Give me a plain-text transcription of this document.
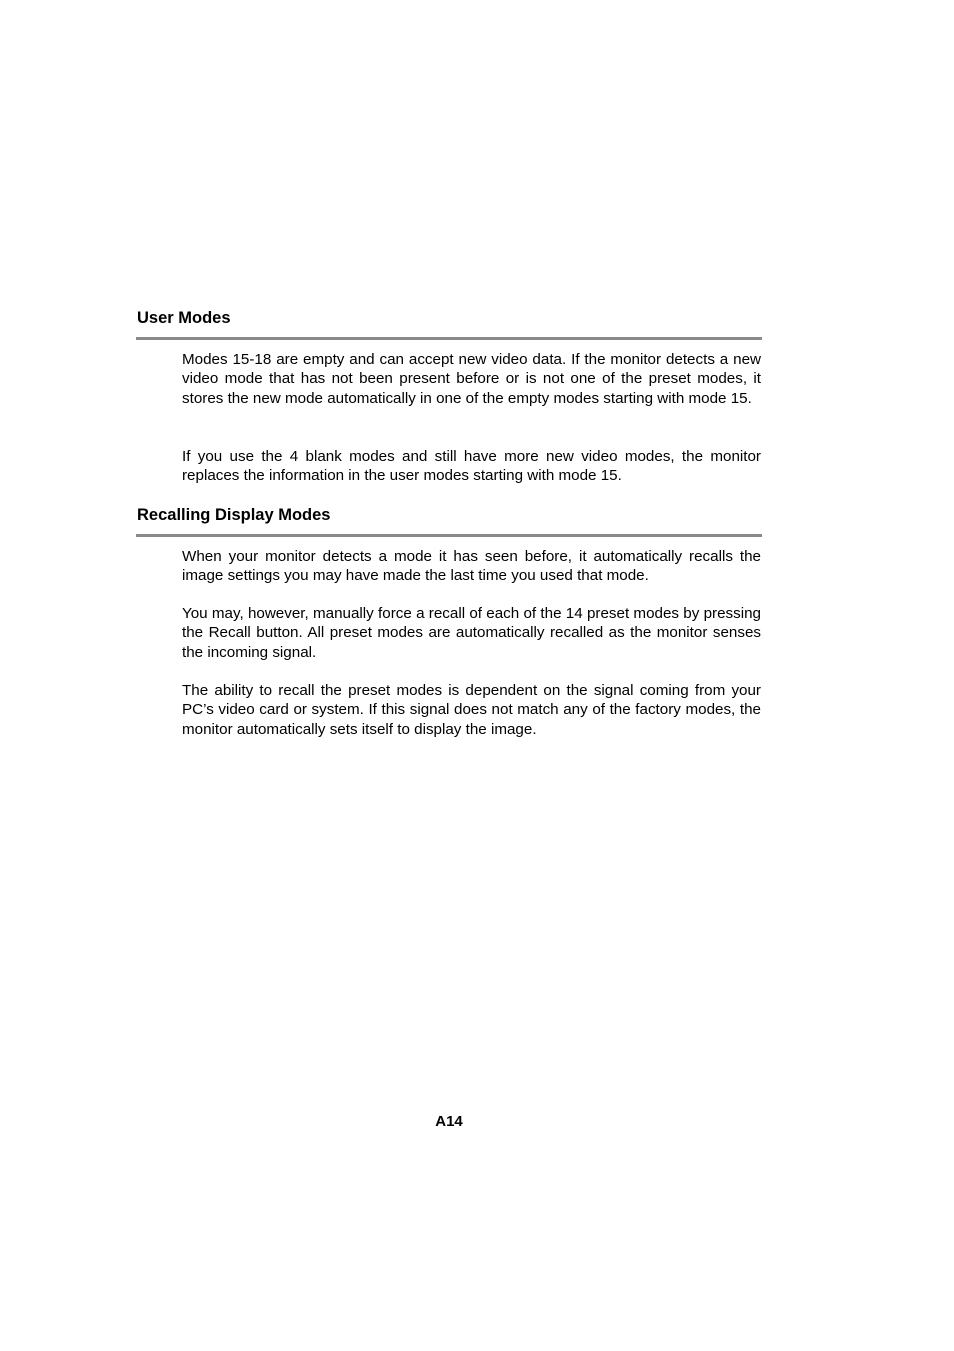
User Modes

Modes 15-18 are empty and can accept new video data. If the monitor detects a new video mode that has not been present before or is not one of the preset modes, it stores the new mode automatically in one of the empty modes starting with mode 15.

If you use the 4 blank modes and still have more new video modes, the monitor replaces the information in the user modes starting with mode 15.

Recalling Display Modes

When your monitor detects a mode it has seen before, it automatically recalls the image settings you may have made the last time you used that mode.

You may, however, manually force a recall of each of the 14 preset modes by pressing the Recall button. All preset modes are automatically recalled as the monitor senses the incoming signal.

The ability to recall the preset modes is dependent on the signal coming from your PC’s video card or system. If this signal does not match any of the factory modes, the monitor automatically sets itself to display the image.

A14
